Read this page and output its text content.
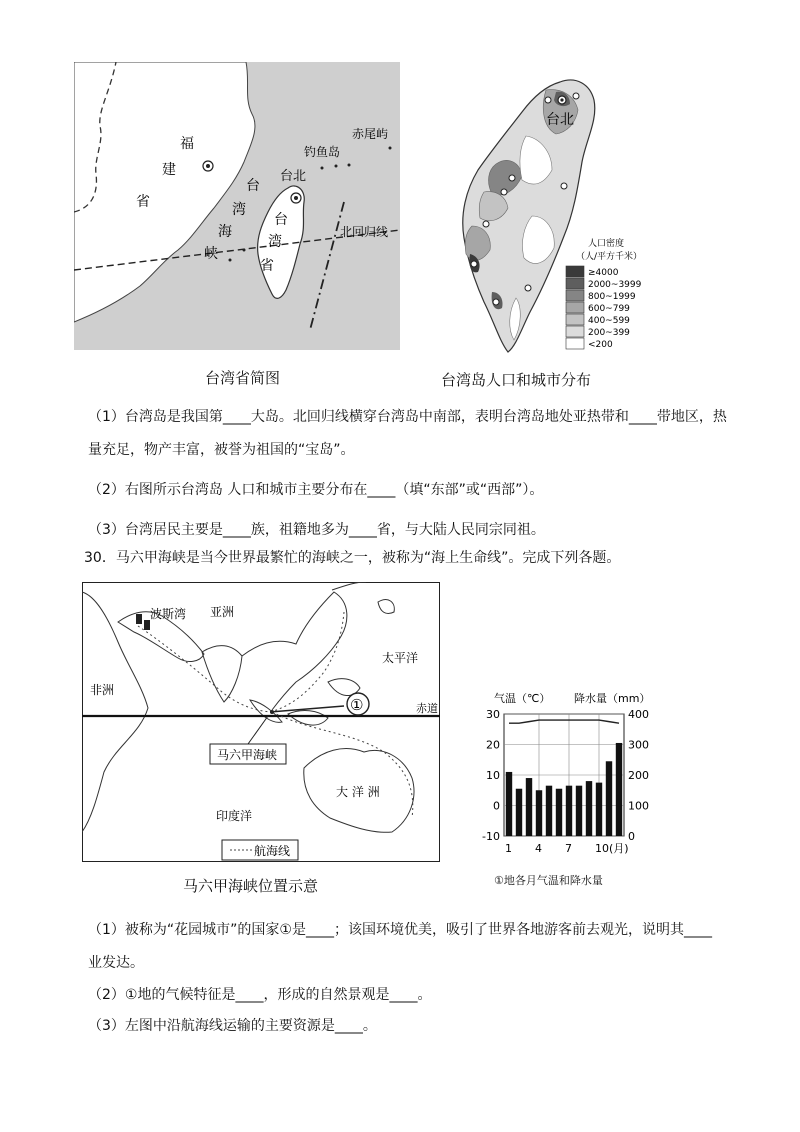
福
建
省
台
湾
海
峡
台
湾
省
台北
钓鱼岛
赤尾屿
北回归线
台湾省简图
台北
人口密度
（人/平方千米）
≥4000
2000~3999
800~1999
600~799
400~599
200~399
<200
台湾岛人口和城市分布
（1）台湾岛是我国第____大岛。北回归线横穿台湾岛中南部，表明台湾岛地处亚热带和____带地区，热
量充足，物产丰富，被誉为祖国的“宝岛”。
（2）右图所示台湾岛 人口和城市主要分布在____（填“东部”或“西部”）。
（3）台湾居民主要是____族，祖籍地多为____省，与大陆人民同宗同祖。
30．马六甲海峡是当今世界最繁忙的海峡之一，被称为“海上生命线”。完成下列各题。
①
马六甲海峡
航海线
波斯湾 亚洲
太平洋
非洲
赤道
印度洋
大 洋 洲
马六甲海峡位置示意
气温（℃） 降水量（mm）
-10
0
10
20
30
0
100
200
300
400
1 4 7 10(月)
①地各月气温和降水量
（1）被称为“花园城市”的国家①是____；该国环境优美，吸引了世界各地游客前去观光，说明其____
业发达。
（2）①地的气候特征是____，形成的自然景观是____。
（3）左图中沿航海线运输的主要资源是____。
